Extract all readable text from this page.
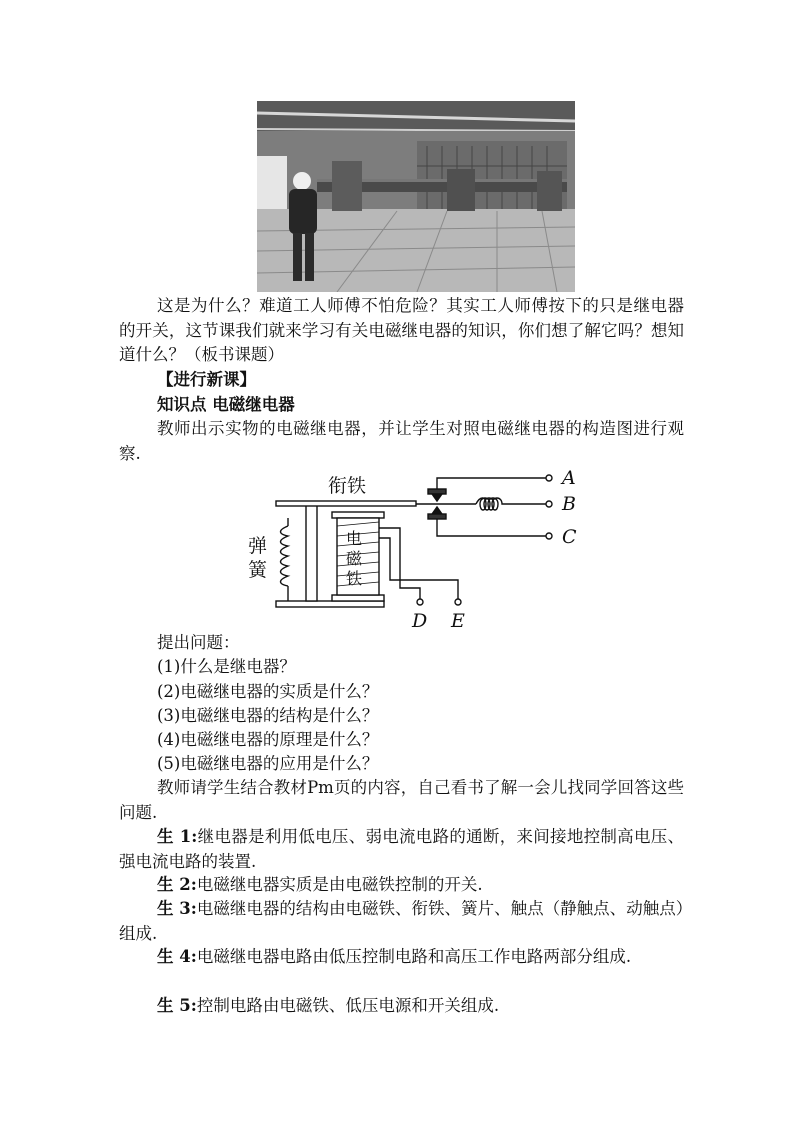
这是为什么？难道工人师傅不怕危险？其实工人师傅按下的只是继电器的开关，这节课我们就来学习有关电磁继电器的知识，你们想了解它吗？想知道什么？（板书课题）

【进行新课】

知识点 电磁继电器

教师出示实物的电磁继电器，并让学生对照电磁继电器的构造图进行观察.

提出问题：

(1)什么是继电器？

(2)电磁继电器的实质是什么？

(3)电磁继电器的结构是什么？

(4)电磁继电器的原理是什么？

(5)电磁继电器的应用是什么？

教师请学生结合教材Pm页的内容，自己看书了解一会儿找同学回答这些问题.

生 1:继电器是利用低电压、弱电流电路的通断，来间接地控制高电压、强电流电路的装置.

生 2:电磁继电器实质是由电磁铁控制的开关.

生 3:电磁继电器的结构由电磁铁、衔铁、簧片、触点（静触点、动触点）组成.

生 4:电磁继电器电路由低压控制电路和高压工作电路两部分组成.

生 5:控制电路由电磁铁、低压电源和开关组成.

衔铁
弹
簧
电
磁
铁
A
B
C
D E
